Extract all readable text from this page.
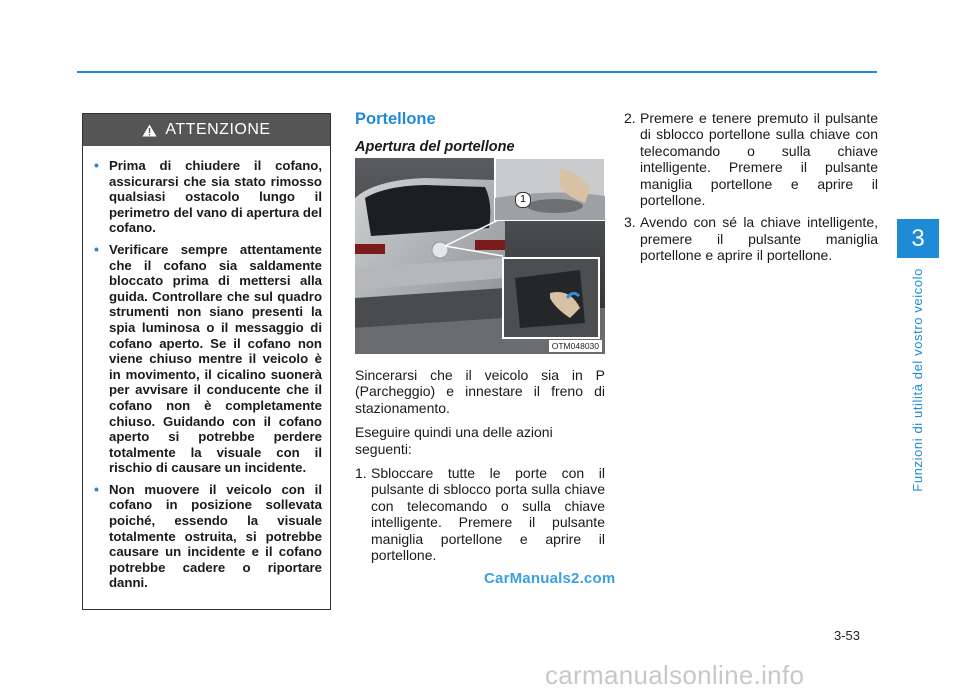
ATTENZIONE
• Prima di chiudere il cofano, assicurarsi che sia stato rimosso qualsiasi ostacolo lungo il perimetro del vano di apertura del cofano.
• Verificare sempre attentamente che il cofano sia saldamente bloccato prima di mettersi alla guida. Controllare che sul quadro strumenti non siano presenti la spia luminosa o il messaggio di cofano aperto. Se il cofano non viene chiuso mentre il veicolo è in movimento, il cicalino suonerà per avvisare il conducente che il cofano non è completamente chiuso. Guidando con il cofano aperto si potrebbe perdere totalmente la visuale con il rischio di causare un incidente.
• Non muovere il veicolo con il cofano in posizione sollevata poiché, essendo la visuale totalmente ostruita, si potrebbe causare un incidente e il cofano potrebbe cadere o riportare danni.
Portellone
Apertura del portellone
1
OTM048030

Sincerarsi che il veicolo sia in P (Parcheggio) e innestare il freno di stazionamento.

Eseguire quindi una delle azioni seguenti:

1. Sbloccare tutte le porte con il pulsante di sblocco porta sulla chiave con telecomando o sulla chiave intelligente. Premere il pulsante maniglia portellone e aprire il portellone.
2. Premere e tenere premuto il pulsante di sblocco portellone sulla chiave con telecomando o sulla chiave intelligente. Premere il pulsante maniglia portellone e aprire il portellone.
3. Avendo con sé la chiave intelligente, premere il pulsante maniglia portellone e aprire il portellone.
CarManuals2.com
3
Funzioni di utilità del vostro veicolo
3-53
carmanualsonline.info
